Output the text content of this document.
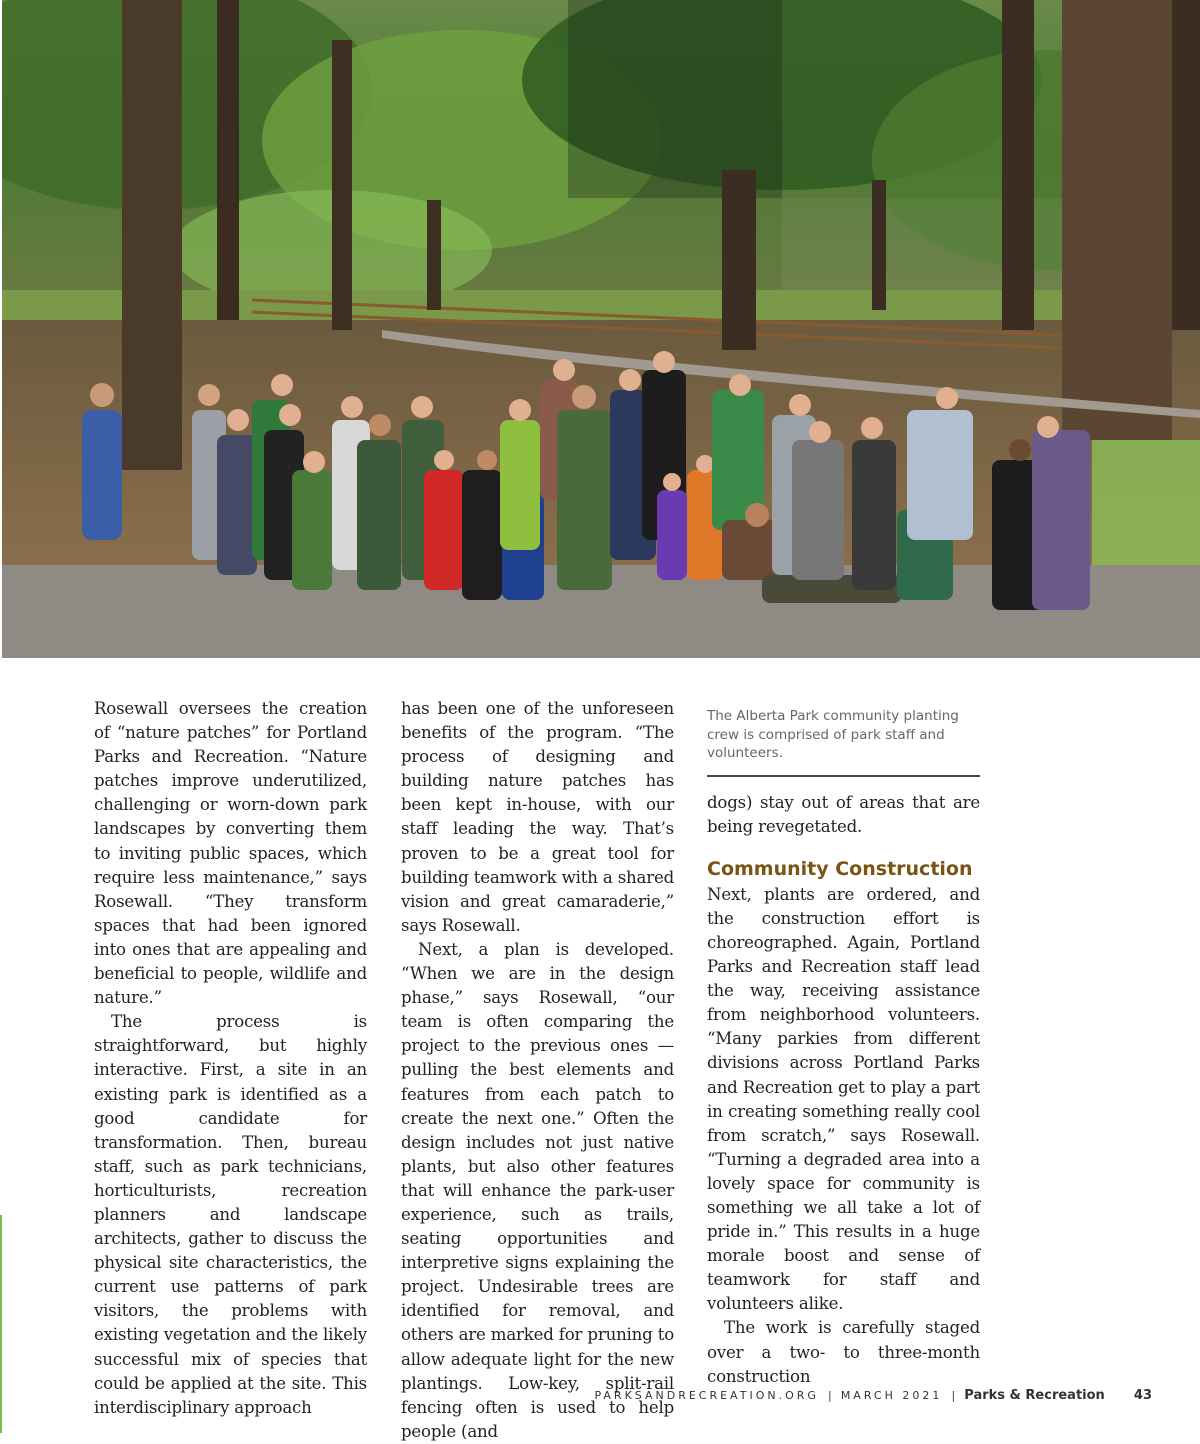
Rosewall oversees the creation of “nature patches” for Portland Parks and Recreation. “Nature patches improve underutilized, challenging or worn-down park landscapes by converting them to inviting public spaces, which require less maintenance,” says Rosewall. “They transform spaces that had been ignored into ones that are appealing and beneficial to people, wildlife and nature.”

The process is straightforward, but highly interactive. First, a site in an existing park is identified as a good candidate for transformation. Then, bureau staff, such as park technicians, horticulturists, recreation planners and landscape architects, gather to discuss the physical site characteristics, the current use patterns of park visitors, the problems with existing vegetation and the likely successful mix of species that could be applied at the site. This interdisciplinary approach

has been one of the unforeseen benefits of the program. “The process of designing and building nature patches has been kept in-house, with our staff leading the way. That’s proven to be a great tool for building teamwork with a shared vision and great camaraderie,” says Rosewall.

Next, a plan is developed. “When we are in the design phase,” says Rosewall, “our team is often comparing the project to the previous ones — pulling the best elements and features from each patch to create the next one.” Often the design includes not just native plants, but also other features that will enhance the park-user experience, such as trails, seating opportunities and interpretive signs explaining the project. Undesirable trees are identified for removal, and others are marked for pruning to allow adequate light for the new plantings. Low-key, split-rail fencing often is used to help people (and

The Alberta Park community planting crew is comprised of park staff and volunteers.

dogs) stay out of areas that are being revegetated.

Community Construction

Next, plants are ordered, and the construction effort is choreographed. Again, Portland Parks and Recreation staff lead the way, receiving assistance from neighborhood volunteers. “Many parkies from different divisions across Portland Parks and Recreation get to play a part in creating something really cool from scratch,” says Rosewall. “Turning a degraded area into a lovely space for community is something we all take a lot of pride in.” This results in a huge morale boost and sense of teamwork for staff and volunteers alike.

The work is carefully staged over a two- to three-month construction

PARKSANDRECREATION.ORG | MARCH 2021 | Parks & Recreation 43
